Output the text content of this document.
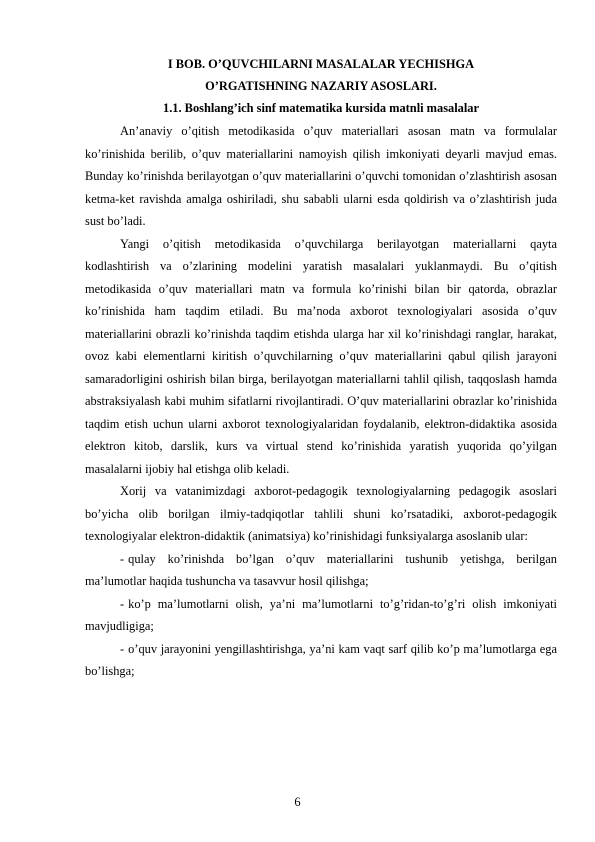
I BOB. O’QUVCHILARNI MASALALAR YECHISHGA

O’RGATISHNING NAZARIY ASOSLARI.

1.1. Boshlang’ich sinf matematika kursida matnli masalalar

An’anaviy o’qitish metodikasida o’quv materiallari asosan matn va formulalar ko’rinishida berilib, o’quv materiallarini namoyish qilish imkoniyati deyarli mavjud emas. Bunday ko’rinishda berilayotgan o’quv materiallarini o’quvchi tomonidan o’zlashtirish asosan ketma-ket ravishda amalga oshiriladi, shu sababli ularni esda qoldirish va o’zlashtirish juda sust bo’ladi.

Yangi o’qitish metodikasida o’quvchilarga berilayotgan materiallarni qayta kodlashtirish va o’zlarining modelini yaratish masalalari yuklanmaydi. Bu o’qitish metodikasida o’quv materiallari matn va formula ko’rinishi bilan bir qatorda, obrazlar ko’rinishida ham taqdim etiladi. Bu ma’noda axborot texnologiyalari asosida o’quv materiallarini obrazli ko’rinishda taqdim etishda ularga har xil ko’rinishdagi ranglar, harakat, ovoz kabi elementlarni kiritish o’quvchilarning o’quv materiallarini qabul qilish jarayoni samaradorligini oshirish bilan birga, berilayotgan materiallarni tahlil qilish, taqqoslash hamda abstraksiyalash kabi muhim sifatlarni rivojlantiradi. O’quv materiallarini obrazlar ko’rinishida taqdim etish uchun ularni axborot texnologiyalaridan foydalanib, elektron-didaktika asosida elektron kitob, darslik, kurs va virtual stend ko’rinishida yaratish yuqorida qo’yilgan masalalarni ijobiy hal etishga olib keladi.

Xorij va vatanimizdagi axborot-pedagogik texnologiyalarning pedagogik asoslari bo’yicha olib borilgan ilmiy-tadqiqotlar tahlili shuni ko’rsatadiki, axborot-pedagogik texnologiyalar elektron-didaktik (animatsiya) ko’rinishidagi funksiyalarga asoslanib ular:

- qulay ko’rinishda bo’lgan o’quv materiallarini tushunib yetishga, berilgan ma’lumotlar haqida tushuncha va tasavvur hosil qilishga;

- ko’p ma’lumotlarni olish, ya’ni ma’lumotlarni to’g’ridan-to’g’ri olish imkoniyati mavjudligiga;

- o’quv jarayonini yengillashtirishga, ya’ni kam vaqt sarf qilib ko’p ma’lumotlarga ega bo’lishga;

6
